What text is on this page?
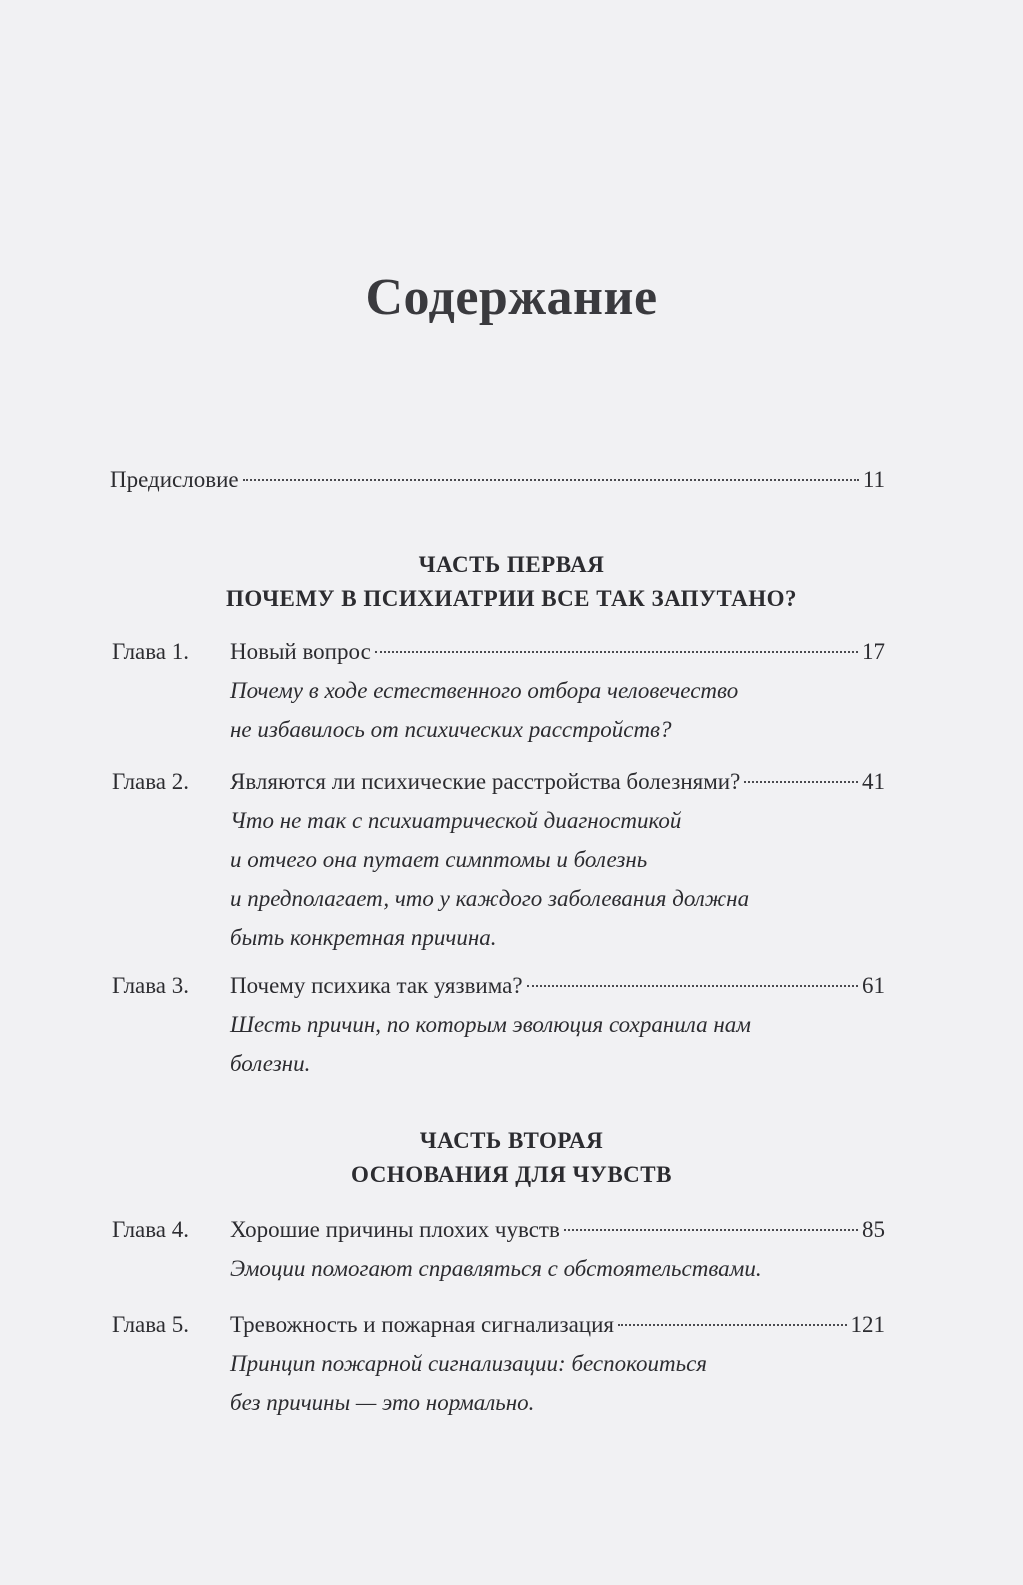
Содержание
Предисловие	11
ЧАСТЬ ПЕРВАЯ
ПОЧЕМУ В ПСИХИАТРИИ ВСЕ ТАК ЗАПУТАНО?
Глава 1.	Новый вопрос	17
Почему в ходе естественного отбора человечество
не избавилось от психических расстройств?
Глава 2.	Являются ли психические расстройства болезнями?	41
Что не так с психиатрической диагностикой
и отчего она путает симптомы и болезнь
и предполагает, что у каждого заболевания должна
быть конкретная причина.
Глава 3.	Почему психика так уязвима?	61
Шесть причин, по которым эволюция сохранила нам
болезни.
ЧАСТЬ ВТОРАЯ
ОСНОВАНИЯ ДЛЯ ЧУВСТВ
Глава 4.	Хорошие причины плохих чувств	85
Эмоции помогают справляться с обстоятельствами.
Глава 5.	Тревожность и пожарная сигнализация	121
Принцип пожарной сигнализации: беспокоиться
без причины — это нормально.
